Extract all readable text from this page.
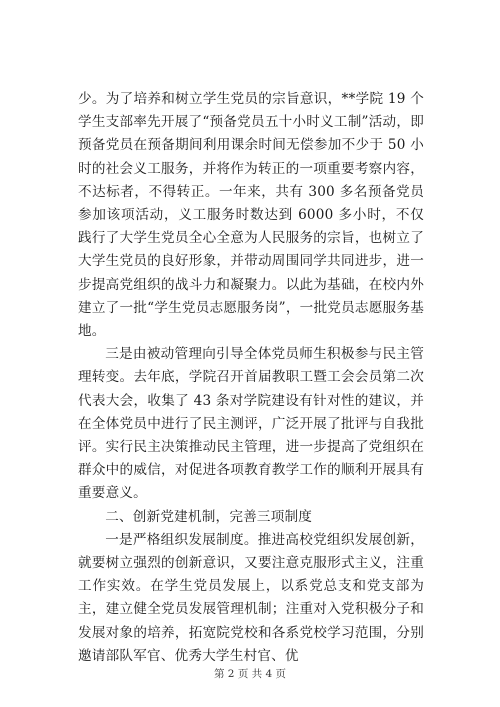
少。为了培养和树立学生党员的宗旨意识，**学院 19 个学生支部率先开展了“预备党员五十小时义工制”活动，即预备党员在预备期间利用课余时间无偿参加不少于 50 小时的社会义工服务，并将作为转正的一项重要考察内容，不达标者，不得转正。一年来，共有 300 多名预备党员参加该项活动，义工服务时数达到 6000 多小时，不仅践行了大学生党员全心全意为人民服务的宗旨，也树立了大学生党员的良好形象，并带动周围同学共同进步，进一步提高党组织的战斗力和凝聚力。以此为基础，在校内外建立了一批“学生党员志愿服务岗”，一批党员志愿服务基地。

三是由被动管理向引导全体党员师生积极参与民主管理转变。去年底，学院召开首届教职工暨工会会员第二次代表大会，收集了 43 条对学院建设有针对性的建议，并在全体党员中进行了民主测评，广泛开展了批评与自我批评。实行民主决策推动民主管理，进一步提高了党组织在群众中的威信，对促进各项教育教学工作的顺利开展具有重要意义。

二、创新党建机制，完善三项制度

一是严格组织发展制度。推进高校党组织发展创新，就要树立强烈的创新意识，又要注意克服形式主义，注重工作实效。在学生党员发展上，以系党总支和党支部为主，建立健全党员发展管理机制；注重对入党积极分子和发展对象的培养，拓宽院党校和各系党校学习范围，分别邀请部队军官、优秀大学生村官、优

第 2 页 共 4 页
